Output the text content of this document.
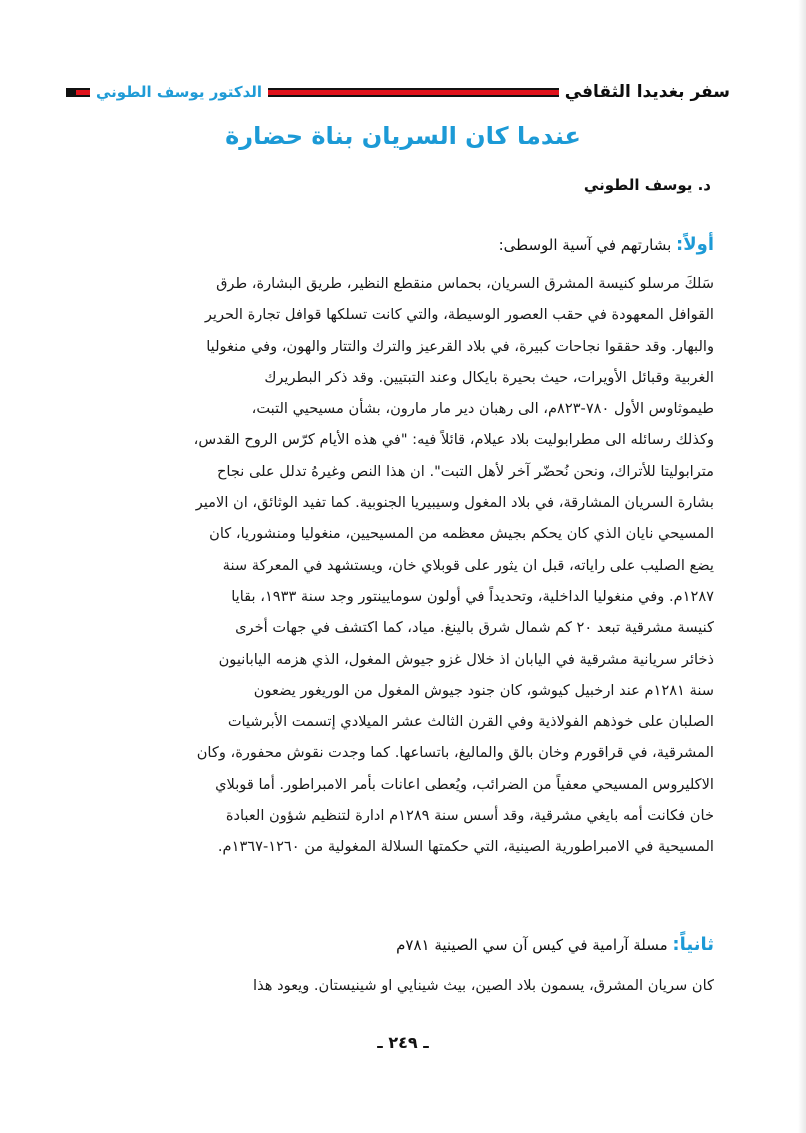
سفر بغديدا الثقافي
الدكتور يوسف الطوني
عندما كان السريان بناة حضارة
د. يوسف الطوني
أولاً: بشارتهم في آسية الوسطى:
سَلكَ مرسلو كنيسة المشرق السريان، بحماس منقطع النظير، طريق البشارة، طرق
القوافل المعهودة في حقب العصور الوسيطة، والتي كانت تسلكها قوافل تجارة الحرير
والبهار. وقد حققوا نجاحات كبيرة، في بلاد القرعيز والترك والتتار والهون، وفي منغوليا
الغربية وقبائل الأويرات، حيث بحيرة بايكال وعند التبتيين. وقد ذكر البطريرك
طيموثاوس الأول ٧٨٠-٨٢٣م، الى رهبان دير مار مارون، بشأن مسيحيي التبت،
وكذلك رسائله الى مطرابوليت بلاد عيلام، قائلاً فيه: "في هذه الأيام كرّس الروح القدس،
مترابوليتا للأتراك، ونحن نُحضّر آخر لأهل التبت". ان هذا النص وغيرهُ تدلل على نجاح
بشارة السريان المشارقة، في بلاد المغول وسيبيريا الجنوبية. كما تفيد الوثائق، ان الامير
المسيحي نايان الذي كان يحكم بجيش معظمه من المسيحيين، منغوليا ومنشوريا، كان
يضع الصليب على راياته، قبل ان يثور على قوبلاي خان، ويستشهد في المعركة سنة
١٢٨٧م. وفي منغوليا الداخلية، وتحديداً في أولون سومايينتور وجد سنة ١٩٣٣، بقايا
كنيسة مشرقية تبعد ٢٠ كم شمال شرق بالينغ. مياد، كما اكتشف في جهات أخرى
ذخائر سريانية مشرقية في اليابان اذ خلال غزو جيوش المغول، الذي هزمه اليابانيون
سنة ١٢٨١م عند ارخبيل كيوشو، كان جنود جيوش المغول من الوريغور يضعون
الصلبان على خوذهم الفولاذية وفي القرن الثالث عشر الميلادي إتسمت الأبرشيات
المشرقية، في قراقورم وخان بالق والماليغ، باتساعها. كما وجدت نقوش محفورة، وكان
الاكليروس المسيحي معفياً من الضرائب، ويُعطى اعانات بأمر الامبراطور. أما قوبلاي
خان فكانت أمه بايغي مشرقية، وقد أسس سنة ١٢٨٩م ادارة لتنظيم شؤون العبادة
المسيحية في الامبراطورية الصينية، التي حكمتها السلالة المغولية من ١٢٦٠-١٣٦٧م.
ثانياً: مسلة آرامية في كيس آن سي الصينية ٧٨١م
كان سريان المشرق، يسمون بلاد الصين، بيث شينايي او شينيستان. ويعود هذا
ـ ٢٤٩ ـ
